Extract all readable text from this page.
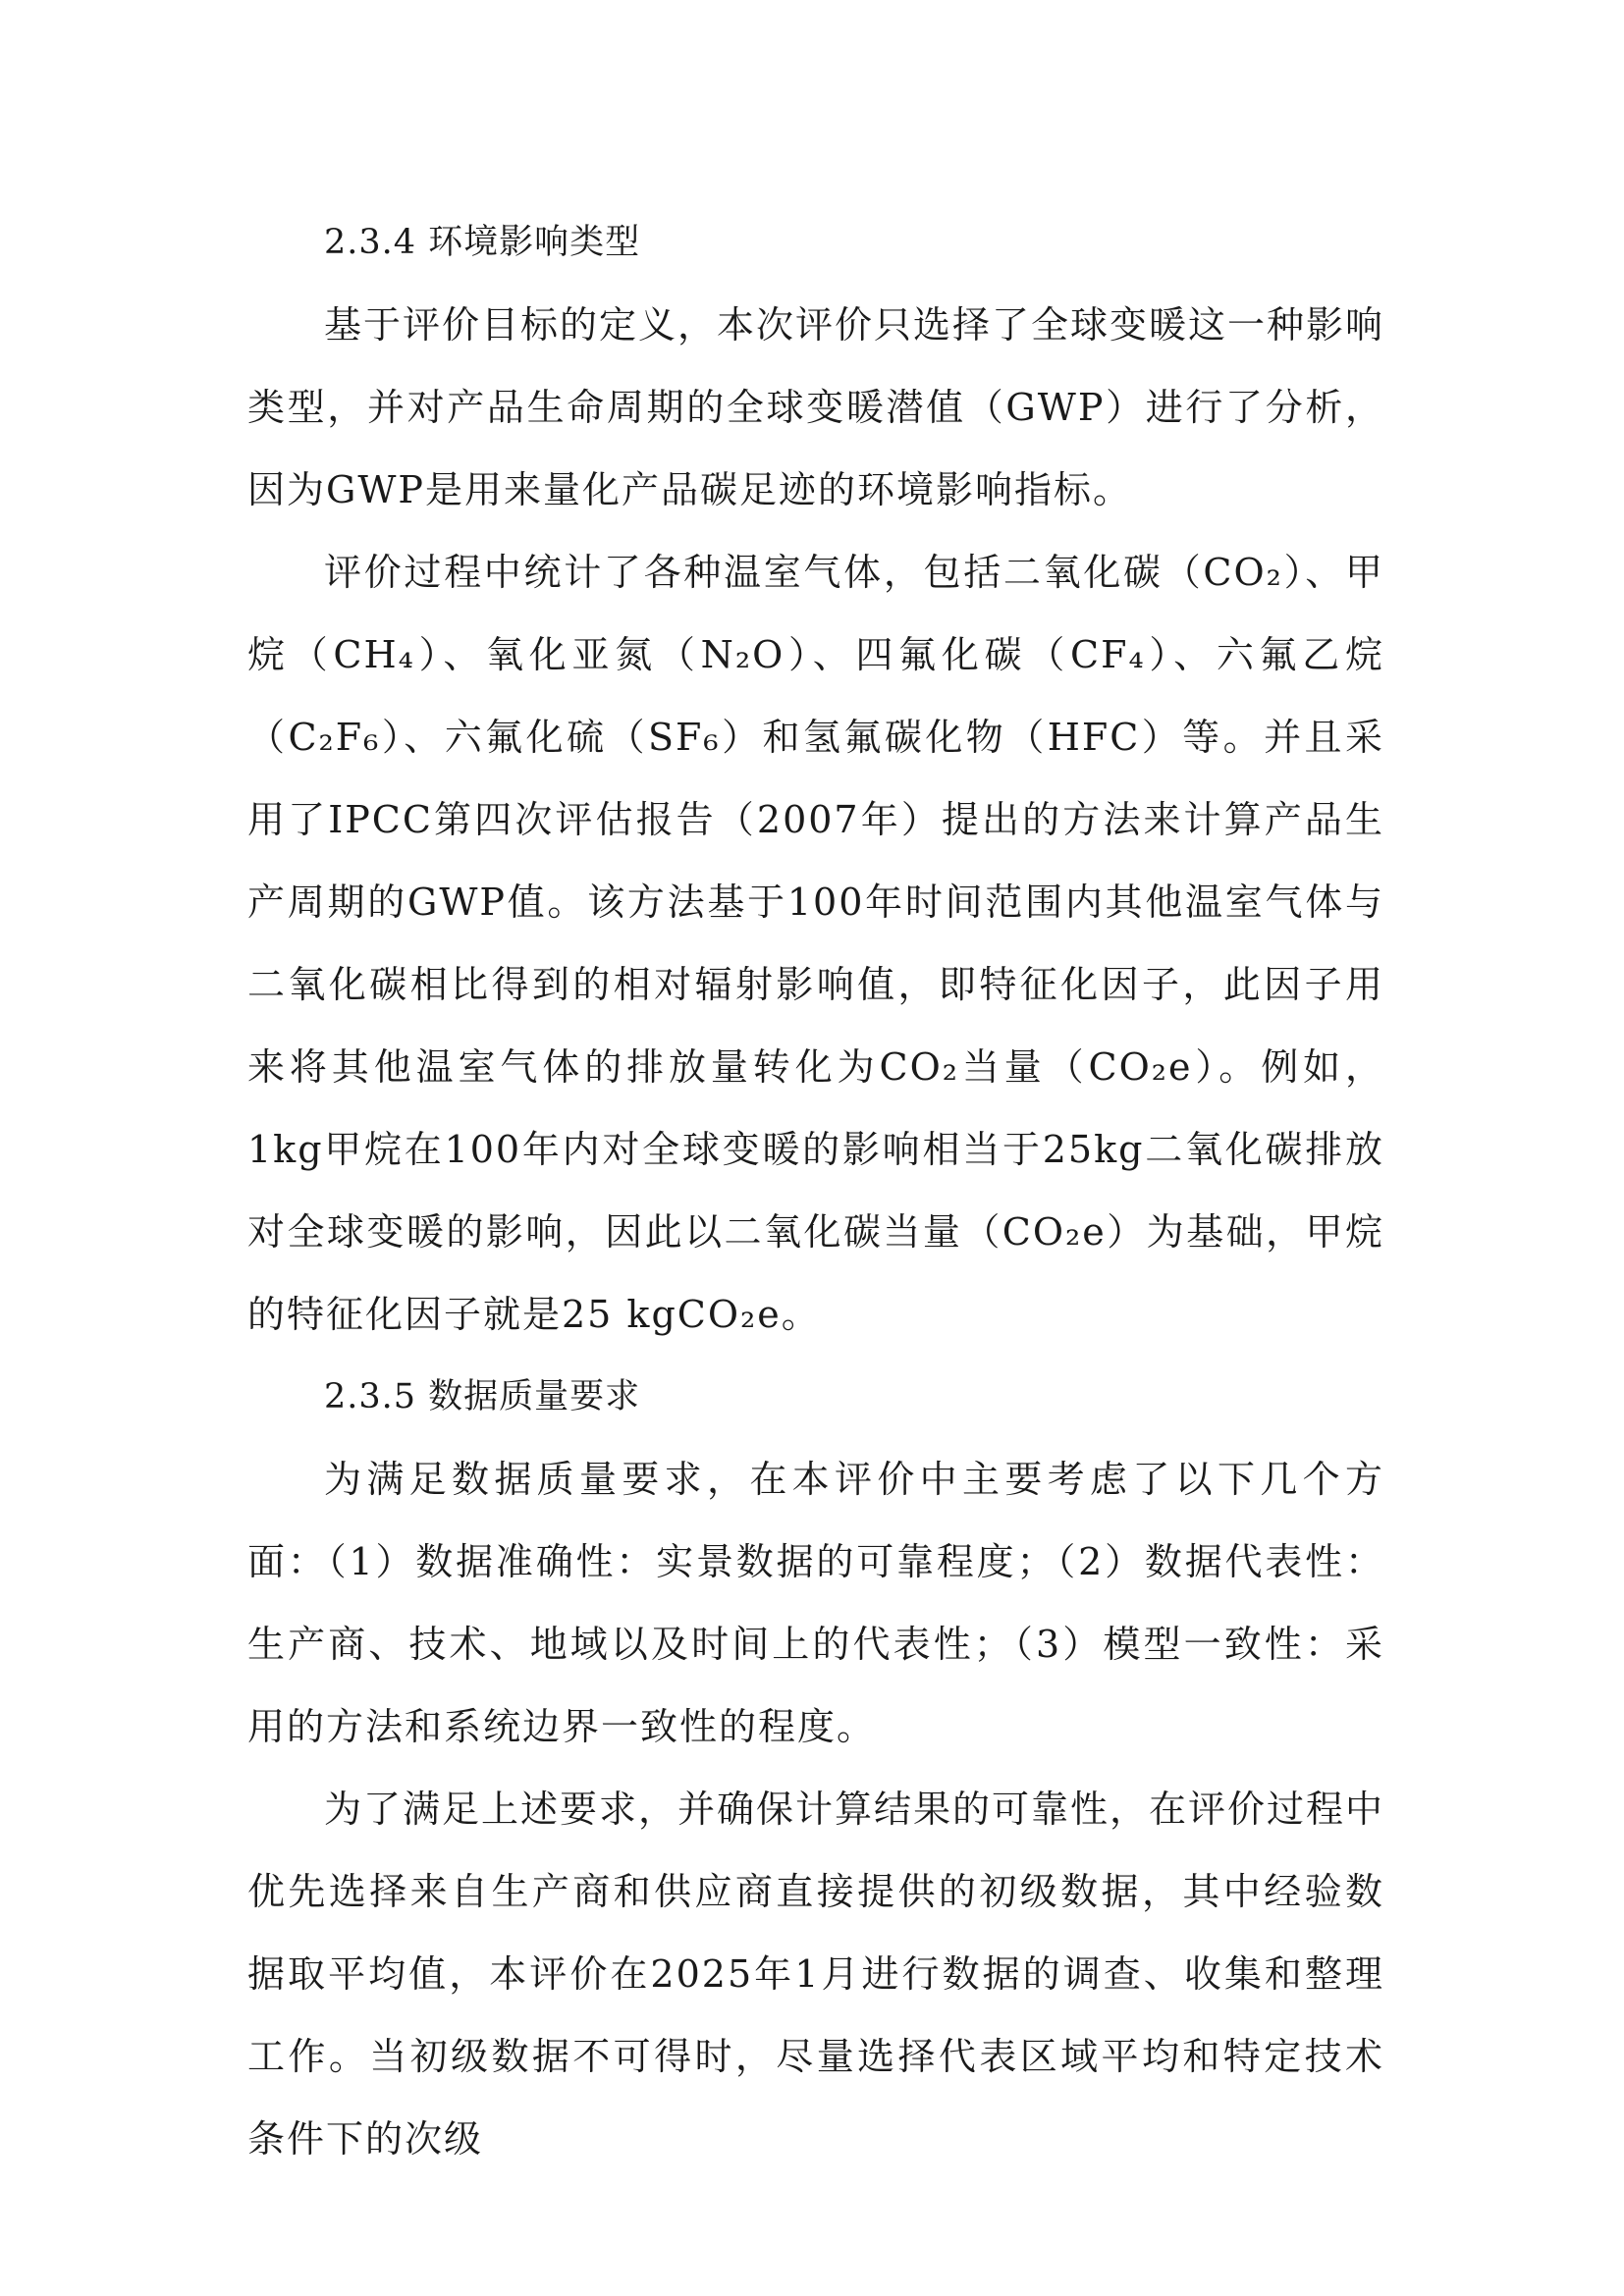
2.3.4 环境影响类型

基于评价目标的定义，本次评价只选择了全球变暖这一种影响类型，并对产品生命周期的全球变暖潜值（GWP）进行了分析，因为GWP是用来量化产品碳足迹的环境影响指标。

评价过程中统计了各种温室气体，包括二氧化碳（CO₂）、甲烷（CH₄）、氧化亚氮（N₂O）、四氟化碳（CF₄）、六氟乙烷（C₂F₆）、六氟化硫（SF₆）和氢氟碳化物（HFC）等。并且采用了IPCC第四次评估报告（2007年）提出的方法来计算产品生产周期的GWP值。该方法基于100年时间范围内其他温室气体与二氧化碳相比得到的相对辐射影响值，即特征化因子，此因子用来将其他温室气体的排放量转化为CO₂当量（CO₂e）。例如，1kg甲烷在100年内对全球变暖的影响相当于25kg二氧化碳排放对全球变暖的影响，因此以二氧化碳当量（CO₂e）为基础，甲烷的特征化因子就是25 kgCO₂e。

2.3.5 数据质量要求

为满足数据质量要求，在本评价中主要考虑了以下几个方面：（1）数据准确性：实景数据的可靠程度；（2）数据代表性：生产商、技术、地域以及时间上的代表性；（3）模型一致性：采用的方法和系统边界一致性的程度。

为了满足上述要求，并确保计算结果的可靠性，在评价过程中优先选择来自生产商和供应商直接提供的初级数据，其中经验数据取平均值，本评价在2025年1月进行数据的调查、收集和整理工作。当初级数据不可得时，尽量选择代表区域平均和特定技术条件下的次级
